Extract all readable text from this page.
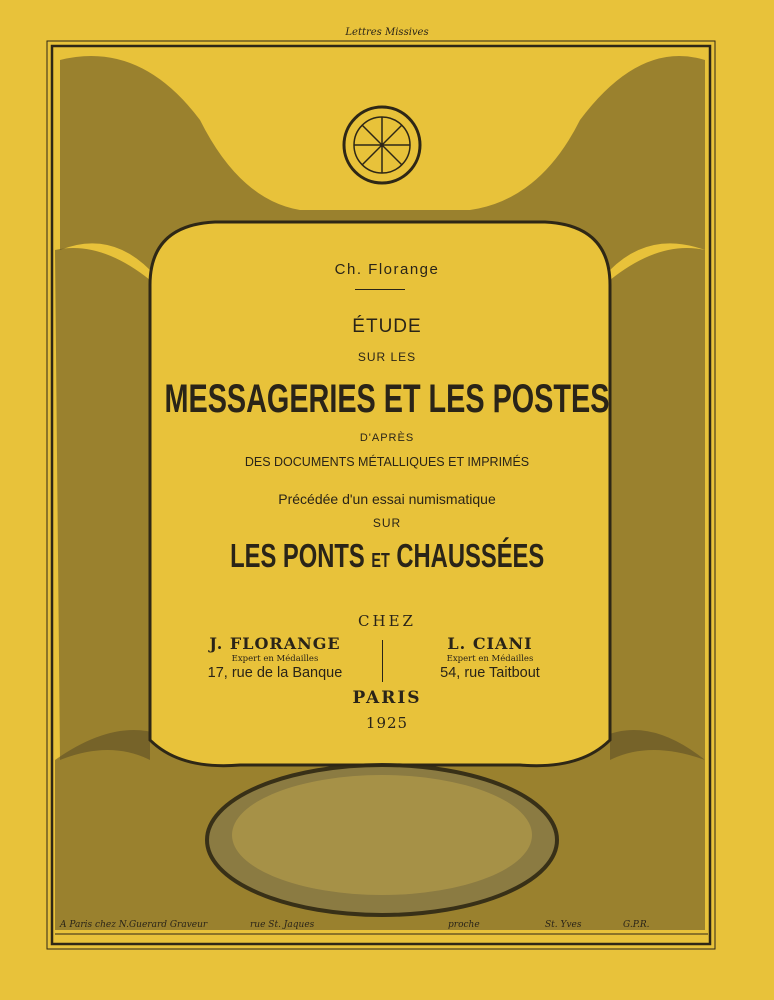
Lettres Missives
Ch. Florange
ÉTUDE
SUR LES
MESSAGERIES ET LES POSTES
D'APRÈS
DES DOCUMENTS MÉTALLIQUES ET IMPRIMÉS
Précédée d'un essai numismatique
SUR
LES PONTS ET CHAUSSÉES
CHEZ
J. FLORANGE
Expert en Médailles
17, rue de la Banque
L. CIANI
Expert en Médailles
54, rue Taitbout
PARIS
1925
A Paris chez N.Guerard Graveur	rue St. Jaques	proche	St. Yves	G.P.R.
